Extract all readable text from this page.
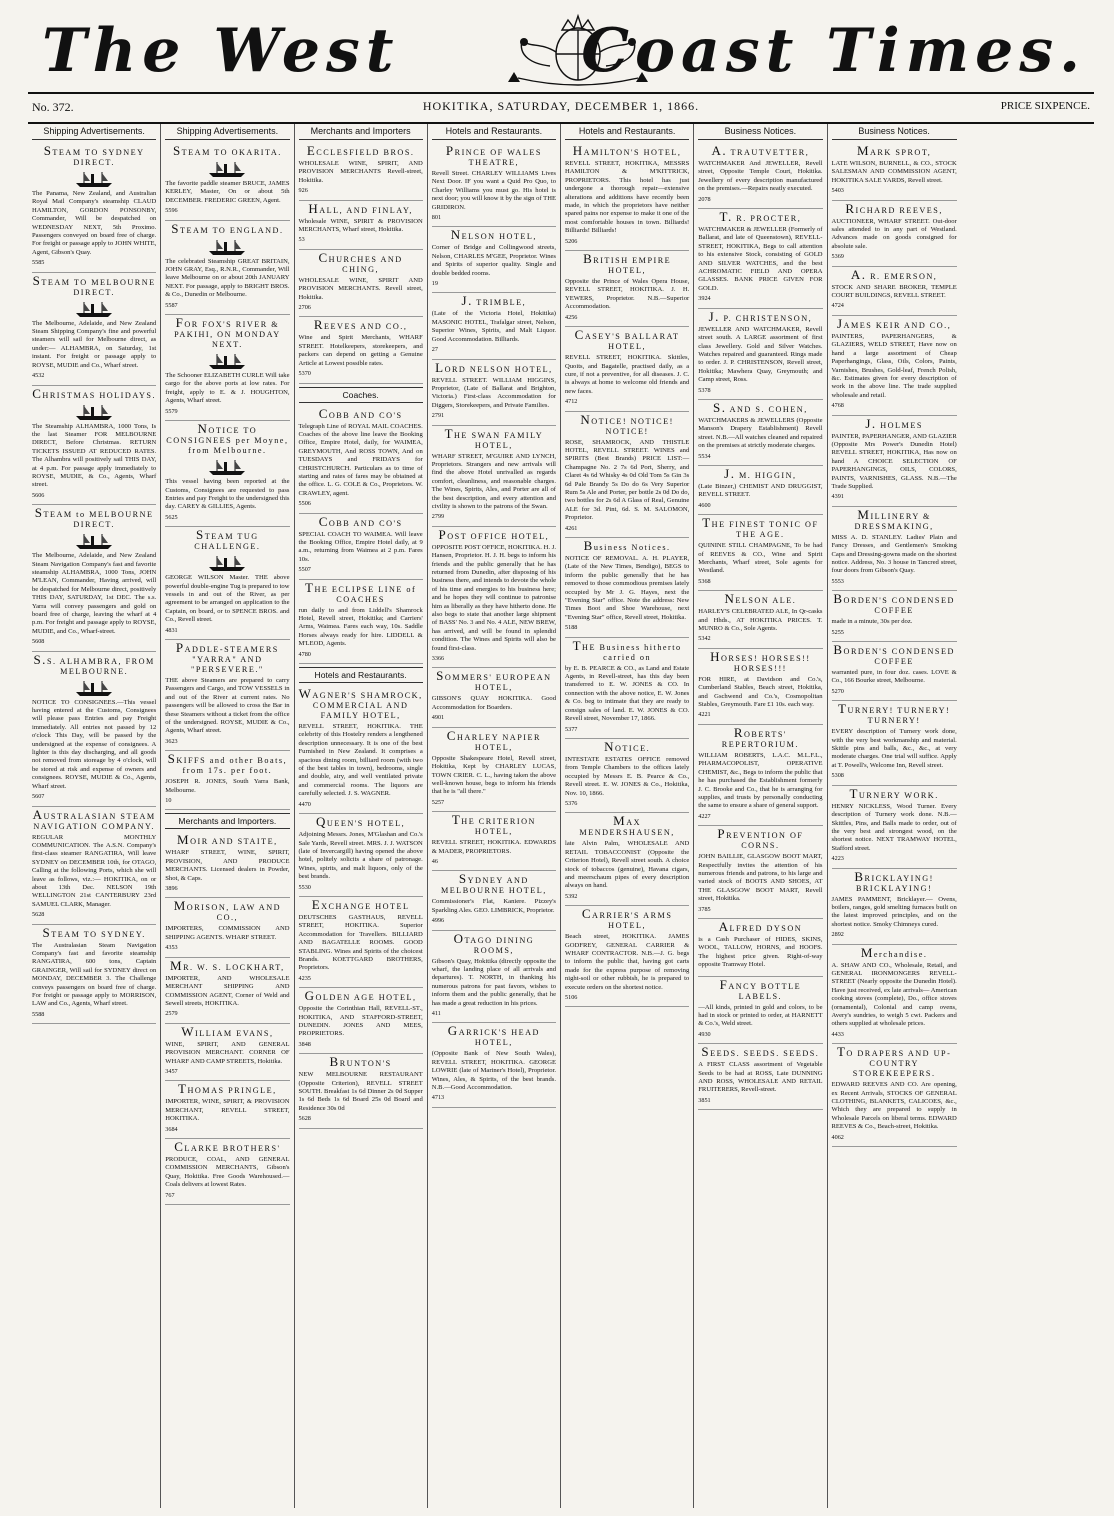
The West	Coast Times.
No. 372.	HOKITIKA, SATURDAY, DECEMBER 1, 1866.	PRICE SIXPENCE.
Shipping Advertisements.
STEAM TO SYDNEY DIRECT.
The Panama, New Zealand, and Australian Royal Mail Company's steamship CLAUD HAMILTON, GORDON PONSONBY, Commander, Will be despatched on WEDNESDAY NEXT, 5th Proximo. Passengers conveyed on board free of charge. For freight or passage apply to JOHN WHITE, Agent, Gibson's Quay.
5585
STEAM TO MELBOURNE DIRECT.
The Melbourne, Adelaide, and New Zealand Steam Shipping Company's fine and powerful steamers will sail for Melbourne direct, as under:— ALHAMBRA, on Saturday, 1st instant. For freight or passage apply to ROYSE, MUDIE and Co., Wharf street.
4532
CHRISTMAS HOLIDAYS.
The Steamship ALHAMBRA, 1000 Tons, Is the last Steamer FOR MELBOURNE DIRECT, Before Christmas. RETURN TICKETS ISSUED AT REDUCED RATES. The Alhambra will positively sail THIS DAY, at 4 p.m. For passage apply immediately to ROYSE, MUDIE, & Co., Agents, Wharf street.
5606
STEAM to MELBOURNE DIRECT.
The Melbourne, Adelaide, and New Zealand Steam Navigation Company's fast and favorite steamship ALHAMBRA, 1000 Tons, JOHN M'LEAN, Commander, Having arrived, will be despatched for Melbourne direct, positively THIS DAY, SATURDAY, 1st DEC. The s.s. Yarra will convey passengers and gold on board free of charge, leaving the wharf at 4 p.m. For freight and passage apply to ROYSE, MUDIE, and Co., Wharf-street.
5608
S.S. ALHAMBRA, FROM MELBOURNE.
NOTICE TO CONSIGNEES.—This vessel having entered at the Customs, Consignees will please pass Entries and pay Freight immediately. All entries not passed by 12 o'clock This Day, will be passed by the undersigned at the expense of consignees. A lighter is this day discharging, and all goods not removed from storeage by 4 o'clock, will be stored at risk and expense of owners and consignees. ROYSE, MUDIE & Co., Agents, Wharf street.
5607
AUSTRALASIAN STEAM NAVIGATION COMPANY.
REGULAR MONTHLY COMMUNICATION. The A.S.N. Company's first-class steamer RANGATIRA, Will leave SYDNEY on DECEMBER 10th, for OTAGO, Calling at the following Ports, which she will leave as follows, viz.:— HOKITIKA, on or about 13th Dec. NELSON 19th WELLINGTON 21st CANTERBURY 23rd SAMUEL CLARK, Manager.
5628
STEAM TO SYDNEY.
The Australasian Steam Navigation Company's fast and favorite steamship RANGATIRA, 600 tons, Captain GRAINGER, Will sail for SYDNEY direct on MONDAY, DECEMBER 3. The Challenge conveys passengers on board free of charge. For freight or passage apply to MORRISON, LAW and Co., Agents, Wharf street.
5588
Shipping Advertisements.
STEAM TO OKARITA.
The favorite paddle steamer BRUCE, JAMES KERLEY, Master, On or about 5th DECEMBER. FREDERIC GREEN, Agent.
5596
STEAM TO ENGLAND.
The celebrated Steamship GREAT BRITAIN, JOHN GRAY, Esq., R.N.R., Commander, Will leave Melbourne on or about 20th JANUARY NEXT. For passage, apply to BRIGHT BROS. & Co., Dunedin or Melbourne.
5587
FOR FOX'S RIVER & PAKIHI, ON MONDAY NEXT.
The Schooner ELIZABETH CURLE Will take cargo for the above ports at low rates. For freight, apply to E. & J. HOUGHTON, Agents, Wharf street.
5579
NOTICE TO CONSIGNEES per Moyne, from Melbourne.
This vessel having been reported at the Customs, Consignees are requested to pass Entries and pay Freight to the undersigned this day. CAREY & GILLIES, Agents.
5625
STEAM TUG CHALLENGE.
GEORGE WILSON Master. THE above powerful double-engine Tug is prepared to tow vessels in and out of the River, as per agreement to be arranged on application to the Captain, on board, or to SPENCE BROS. and Co., Revell street.
4831
PADDLE-STEAMERS "YARRA" AND "PERSEVERE."
THE above Steamers are prepared to carry Passengers and Cargo, and TOW VESSELS in and out of the River at current rates. No passengers will be allowed to cross the Bar in these Steamers without a ticket from the office of the undersigned. ROYSE, MUDIE & Co., Agents, Wharf street.
3623
SKIFFS and other Boats, from 17s. per foot.
JOSEPH R. JONES, South Yarra Bank, Melbourne.
10
Merchants and Importers.
MOIR AND STAITE,
WHARF STREET, WINE, SPIRIT, PROVISION, AND PRODUCE MERCHANTS. Licensed dealers in Powder, Shot, & Caps.
3896
MORISON, LAW AND CO.,
IMPORTERS, COMMISSION AND SHIPPING AGENTS. WHARF STREET.
4353
MR. W. S. LOCKHART,
IMPORTER, AND WHOLESALE MERCHANT SHIPPING AND COMMISSION AGENT, Corner of Weld and Sewell streets, HOKITIKA.
2579
WILLIAM EVANS,
WINE, SPIRIT, AND GENERAL PROVISION MERCHANT. CORNER OF WHARF AND CAMP STREETS, Hokitika.
3457
THOMAS PRINGLE,
IMPORTER, WINE, SPIRIT, & PROVISION MERCHANT, REVELL STREET, HOKITIKA.
3684
CLARKE BROTHERS'
PRODUCE, COAL, AND GENERAL COMMISSION MERCHANTS, Gibson's Quay, Hokitika. Free Goods Warehoused.—Coals delivers at lowest Rates.
767
Merchants and Importers
ECCLESFIELD BROS.
WHOLESALE WINE, SPIRIT, AND PROVISION MERCHANTS Revell-street, Hokitika.
926
HALL, AND FINLAY,
Wholesale WINE, SPIRIT & PROVISION MERCHANTS, Wharf street, Hokitika.
53
CHURCHES AND CHING,
WHOLESALE WINE, SPIRIT AND PROVISION MERCHANTS. Revell street, Hokitika.
2706
REEVES AND CO.,
Wine and Spirit Merchants, WHARF STREET. Hotelkeepers, storekeepers, and packers can depend on getting a Genuine Article at Lowest possible rates.
5370
Coaches.
COBB AND CO'S
Telegraph Line of ROYAL MAIL COACHES. Coaches of the above line leave the Booking Office, Empire Hotel, daily, for WAIMEA, GREYMOUTH, And ROSS TOWN, And on TUESDAYS and FRIDAYS for CHRISTCHURCH. Particulars as to time of starting and rates of fares may be obtained at the office. L. G. COLE & Co., Proprietors. W. CRAWLEY, agent.
5506
COBB AND CO'S
SPECIAL COACH TO WAIMEA. Will leave the Booking Office, Empire Hotel daily, at 9 a.m., returning from Waimea at 2 p.m. Fares 10s.
5507
THE ECLIPSE LINE of COACHES
run daily to and from Liddell's Shamrock Hotel, Revell street, Hokitika; and Carriers' Arms, Waimea. Fares each way, 10s. Saddle Horses always ready for hire. LIDDELL & M'LEOD, Agents.
4780
Hotels and Restaurants.
WAGNER'S SHAMROCK, COMMERCIAL AND FAMILY HOTEL,
REVELL STREET, HOKITIKA. THE celebrity of this Hostelry renders a lengthened description unnecessary. It is one of the best Furnished in New Zealand. It comprises a spacious dining room, billiard room (with two of the best tables in town), bedrooms, single and double, airy, and well ventilated private and commercial rooms. The liquors are carefully selected. J. S. WAGNER.
4470
QUEEN'S HOTEL,
Adjoining Messrs. Jones, M'Glashan and Co.'s Sale Yards, Revell street. MRS. J. J. WATSON (late of Invercargill) having opened the above hotel, politely solicits a share of patronage. Wines, spirits, and malt liquors, only of the best brands.
5530
EXCHANGE HOTEL
DEUTSCHES GASTHAUS, REVELL STREET, HOKITIKA. Superior Accommodation for Travellers. BILLIARD AND BAGATELLE ROOMS. GOOD STABLING. Wines and Spirits of the choicest Brands. KOETTGARD BROTHERS, Proprietors.
4235
GOLDEN AGE HOTEL,
Opposite the Corinthian Hall, REVELL-ST., HOKITIKA, AND STAFFORD-STREET, DUNEDIN. JONES AND MEES, PROPRIETORS.
3848
BRUNTON'S
NEW MELBOURNE RESTAURANT (Opposite Criterion), REVELL STREET SOUTH. Breakfast 1s 6d Dinner 2s 0d Supper 1s 6d Beds 1s 6d Board 25s 0d Board and Residence 30s 0d
5628
Hotels and Restaurants.
PRINCE OF WALES THEATRE,
Revell Street. CHARLEY WILLIAMS Lives Next Door. IF you want a Quid Pro Quo, to Charley Williams you must go. His hotel is next door; you will know it by the sign of THE GRIDIRON.
801
NELSON HOTEL,
Corner of Bridge and Collingwood streets, Nelson, CHARLES M'GEE, Proprietor. Wines and Spirits of superior quality. Single and double bedded rooms.
19
J. TRIMBLE,
(Late of the Victoria Hotel, Hokitika) MASONIC HOTEL, Trafalgar street, Nelson, Superior Wines, Spirits, and Malt Liquor. Good Accommodation. Billiards.
27
LORD NELSON HOTEL,
REVELL STREET. WILLIAM HIGGINS, Proprietor, (Late of Ballarat and Brighton, Victoria.) First-class Accommodation for Diggers, Storekeepers, and Private Families.
2791
THE SWAN FAMILY HOTEL,
WHARF STREET, M'GUIRE AND LYNCH, Proprietors. Strangers and new arrivals will find the above Hotel unrivalled as regards comfort, cleanliness, and reasonable charges. The Wines, Spirits, Ales, and Porter are all of the best description, and every attention and civility is shown to the patrons of the Swan.
2799
POST OFFICE HOTEL,
OPPOSITE POST OFFICE, HOKITIKA. H. J. Hansen, Proprietor. H. J. H. begs to inform his friends and the public generally that he has returned from Dunedin, after disposing of his business there, and intends to devote the whole of his time and energies to his business here; and he hopes they will continue to patronise him as liberally as they have hitherto done. He also begs to state that another large shipment of BASS' No. 3 and No. 4 ALE, NEW BREW, has arrived, and will be found in splendid condition. The Wines and Spirits will also be found first-class.
3366
SOMMERS' EUROPEAN HOTEL,
GIBSON'S QUAY HOKITIKA. Good Accommodation for Boarders.
4901
CHARLEY NAPIER HOTEL,
Opposite Shakespeare Hotel, Revell street, Hokitika, Kept by CHARLEY LUCAS, TOWN CRIER. C. L., having taken the above well-known house, begs to inform his friends that he is "all there."
5257
THE CRITERION HOTEL,
REVELL STREET, HOKITIKA. EDWARDS & MADER, PROPRIETORS.
46
SYDNEY AND MELBOURNE HOTEL,
Commissioner's Flat, Kaniere. Pizzey's Sparkling Ales. GEO. LIMBRICK, Proprietor.
4996
OTAGO DINING ROOMS,
Gibson's Quay, Hokitika (directly opposite the wharf, the landing place of all arrivals and departures). T. NORTH, in thanking his numerous patrons for past favors, wishes to inform them and the public generally, that he has made a great reduction in his prices.
411
GARRICK'S HEAD HOTEL,
(Opposite Bank of New South Wales), REVELL STREET, HOKITIKA. GEORGE LOWRIE (late of Mariner's Hotel), Proprietor. Wines, Ales, & Spirits, of the best brands. N.B.—Good Accommodation.
4713
Hotels and Restaurants.
HAMILTON'S HOTEL,
REVELL STREET, HOKITIKA, MESSRS HAMILTON & M'KITTRICK, PROPRIETORS. This hotel has just undergone a thorough repair—extensive alterations and additions have recently been made, in which the proprietors have neither spared pains nor expense to make it one of the most comfortable houses in town. Billiards! Billiards! Billiards!
5206
BRITISH EMPIRE HOTEL,
Opposite the Prince of Wales Opera House, REVELL STREET, HOKITIKA. J. H. YEWERS, Proprietor. N.B.—Superior Accommodation.
4256
CASEY'S BALLARAT HOTEL,
REVELL STREET, HOKITIKA. Skittles, Quoits, and Bagatelle, practised daily, as a cure, if not a preventive, for all diseases. J. C. is always at home to welcome old friends and new faces.
4712
NOTICE! NOTICE! NOTICE!
ROSE, SHAMROCK, AND THISTLE HOTEL, REVELL STREET. WINES and SPIRITS (Best Brands) PRICE LIST:— Champagne No. 2 7s 6d Port, Sherry, and Claret 4s 6d Whisky 4s 0d Old Tom 5s Gin 3s 6d Pale Brandy 5s Do do 6s Very Superior Rum 5s Ale and Porter, per bottle 2s 0d Do do, two bottles for 2s 6d A Glass of Real, Genuine ALE for 3d. Pint, 6d. S. M. SALOMON, Proprietor.
4261
Business Notices.
NOTICE OF REMOVAL. A. H. PLAYER, (Late of the New Times, Bendigo), BEGS to inform the public generally that he has removed to those commodious premises lately occupied by Mr J. G. Hayes, next the "Evening Star" office. Note the address: New Times Boot and Shoe Warehouse, next "Evening Star" office, Revell street, Hokitika.
5188
THE Business hitherto carried on
by E. B. PEARCE & CO., as Land and Estate Agents, in Revell-street, has this day been transferred to E. W. JONES & CO. In connection with the above notice, E. W. Jones & Co. beg to intimate that they are ready to consign sales of land. E. W. JONES & CO. Revell street, November 17, 1866.
5377
NOTICE.
INTESTATE ESTATES OFFICE removed from Temple Chambers to the offices lately occupied by Messrs E. B. Pearce & Co., Revell street. E. W. JONES & Co., Hokitika, Nov. 10, 1866.
5376
MAX MENDERSHAUSEN,
late Alvin Palm, WHOLESALE AND RETAIL TOBACCONIST (Opposite the Criterion Hotel), Revell street south. A choice stock of tobaccos (genuine), Havana cigars, and meerschaum pipes of every description always on hand.
5392
CARRIER'S ARMS HOTEL,
Beach street, HOKITIKA. JAMES GODFREY, GENERAL CARRIER & WHARF CONTRACTOR. N.B.—J. G. begs to inform the public that, having got carts made for the express purpose of removing night-soil or other rubbish, he is prepared to execute orders on the shortest notice.
5106
Business Notices.
A. TRAUTVETTER,
WATCHMAKER And JEWELLER, Revell street, Opposite Temple Court, Hokitika. Jewellery of every description manufactured on the premises.—Repairs neatly executed.
2078
T. R. PROCTER,
WATCHMAKER & JEWELLER (Formerly of Ballarat, and late of Queenstown), REVELL-STREET, HOKITIKA, Begs to call attention to his extensive Stock, consisting of GOLD AND SILVER WATCHES, and the best ACHROMATIC FIELD AND OPERA GLASSES. BANK PRICE GIVEN FOR GOLD.
3924
J. P. CHRISTENSON,
JEWELLER AND WATCHMAKER, Revell street south. A LARGE assortment of first class Jewellery. Gold and Silver Watches. Watches repaired and guaranteed. Rings made to order. J. P. CHRISTENSON, Revell street, Hokitika; Mawhera Quay, Greymouth; and Camp street, Ross.
5378
S. AND S. COHEN,
WATCHMAKERS & JEWELLERS (Opposite Manson's Drapery Establishment) Revell street. N.B.—All watches cleaned and repaired on the premises at strictly moderate charges.
5534
J. M. HIGGIN,
(Late Binzer,) CHEMIST AND DRUGGIST, REVELL STREET.
4600
THE FINEST TONIC OF THE AGE.
QUININE STILL CHAMPAGNE, To be had of REEVES & CO., Wine and Spirit Merchants, Wharf street, Sole agents for Westland.
5368
NELSON ALE.
HARLEY'S CELEBRATED ALE, In Qr-casks and Hhds., AT HOKITIKA PRICES. T. MUNRO & Co., Sole Agents.
5342
HORSES! HORSES!! HORSES!!!
FOR HIRE, at Davidson and Co.'s, Cumberland Stables, Beach street, Hokitika, and Gschwend and Co.'s, Cosmopolitan Stables, Greymouth. Fare £1 10s. each way.
4221
ROBERTS' REPERTORIUM.
WILLIAM ROBERTS, L.A.C. M.L.F.L., PHARMACOPOLIST, OPERATIVE CHEMIST, &c., Begs to inform the public that he has purchased the Establishment formerly J. C. Brooke and Co., that he is arranging for supplies, and trusts by personally conducting the same to ensure a share of general support.
4227
PREVENTION OF CORNS.
JOHN BAILLIE, GLASGOW BOOT MART, Respectfully invites the attention of his numerous friends and patrons, to his large and varied stock of BOOTS AND SHOES, AT THE GLASGOW BOOT MART, Revell street, Hokitika.
3785
ALFRED DYSON
is a Cash Purchaser of HIDES, SKINS, WOOL, TALLOW, HORNS, and HOOFS. The highest price given. Right-of-way opposite Tramway Hotel.
FANCY BOTTLE LABELS.
—All kinds, printed in gold and colors, to be had in stock or printed to order, at HARNETT & Co.'s, Weld street.
4930
SEEDS. SEEDS. SEEDS.
A FIRST CLASS assortment of Vegetable Seeds to be had at ROSS, Late DUNNING AND ROSS, WHOLESALE AND RETAIL FRUITERERS, Revell-street.
3851
Business Notices.
MARK SPROT,
LATE WILSON, BURNELL, & CO., STOCK SALESMAN AND COMMISSION AGENT, HOKITIKA SALE YARDS, Revell street.
5403
RICHARD REEVES,
AUCTIONEER, WHARF STREET. Out-door sales attended to in any part of Westland. Advances made on goods consigned for absolute sale.
5369
A. R. EMERSON,
STOCK AND SHARE BROKER, TEMPLE COURT BUILDINGS, REVELL STREET.
4724
JAMES KEIR AND CO.,
PAINTERS, PAPERHANGERS, & GLAZIERS, WELD STREET, Have now on hand a large assortment of Cheap Paperhangings, Glass, Oils, Colors, Paints, Varnishes, Brushes, Gold-leaf, French Polish, &c. Estimates given for every description of work in the above line. The trade supplied wholesale and retail.
4768
J. HOLMES
PAINTER, PAPERHANGER, AND GLAZIER (Opposite Mrs Power's Dunedin Hotel) REVELL STREET, HOKITIKA, Has now on hand A CHOICE SELECTION OF PAPERHANGINGS, OILS, COLORS, PAINTS, VARNISHES, GLASS. N.B.—The Trade Supplied.
4391
MILLINERY & DRESSMAKING,
MISS A. D. STANLEY. Ladies' Plain and Fancy Dresses, and Gentlemen's Smoking Caps and Dressing-gowns made on the shortest notice. Address, No. 3 house in Tancred street, four doors from Gibson's Quay.
5553
BORDEN'S CONDENSED COFFEE
made in a minute, 30s per doz.
5255
BORDEN'S CONDENSED COFFEE
warranted pure, in four doz. cases. LOVE & Co., 166 Bourke street, Melbourne.
5270
TURNERY! TURNERY! TURNERY!
EVERY description of Turnery work done, with the very best workmanship and material. Skittle pins and balls, &c., &c., at very moderate charges. One trial will suffice. Apply at T. Powell's, Welcome Inn, Revell street.
5308
TURNERY WORK.
HENRY NICKLESS, Wood Turner. Every description of Turnery work done. N.B.—Skittles, Pins, and Balls made to order, out of the very best and strongest wood, on the shortest notice. NEXT TRAMWAY HOTEL, Stafford street.
4223
BRICKLAYING! BRICKLAYING!
JAMES PAMMENT, Bricklayer.— Ovens, boilers, ranges, gold smelting furnaces built on the latest improved principles, and on the shortest notice. Smoky Chimneys cured.
2892
Merchandise.
A. SHAW AND CO., Wholesale, Retail, and GENERAL IRONMONGERS REVELL-STREET (Nearly opposite the Dunedin Hotel). Have just received, ex late arrivals— American cooking stoves (complete), Do., office stoves (ornamental), Colonial and camp ovens, Avery's sundries, to weigh 5 cwt. Packers and others supplied at wholesale prices.
4433
TO DRAPERS AND UP-COUNTRY STOREKEEPERS.
EDWARD REEVES AND CO. Are opening, ex Recent Arrivals, STOCKS OF GENERAL CLOTHING, BLANKETS, CALICOES, &c., Which they are prepared to supply in Wholesale Parcels on liberal terms. EDWARD REEVES & Co., Beach-street, Hokitika.
4062
